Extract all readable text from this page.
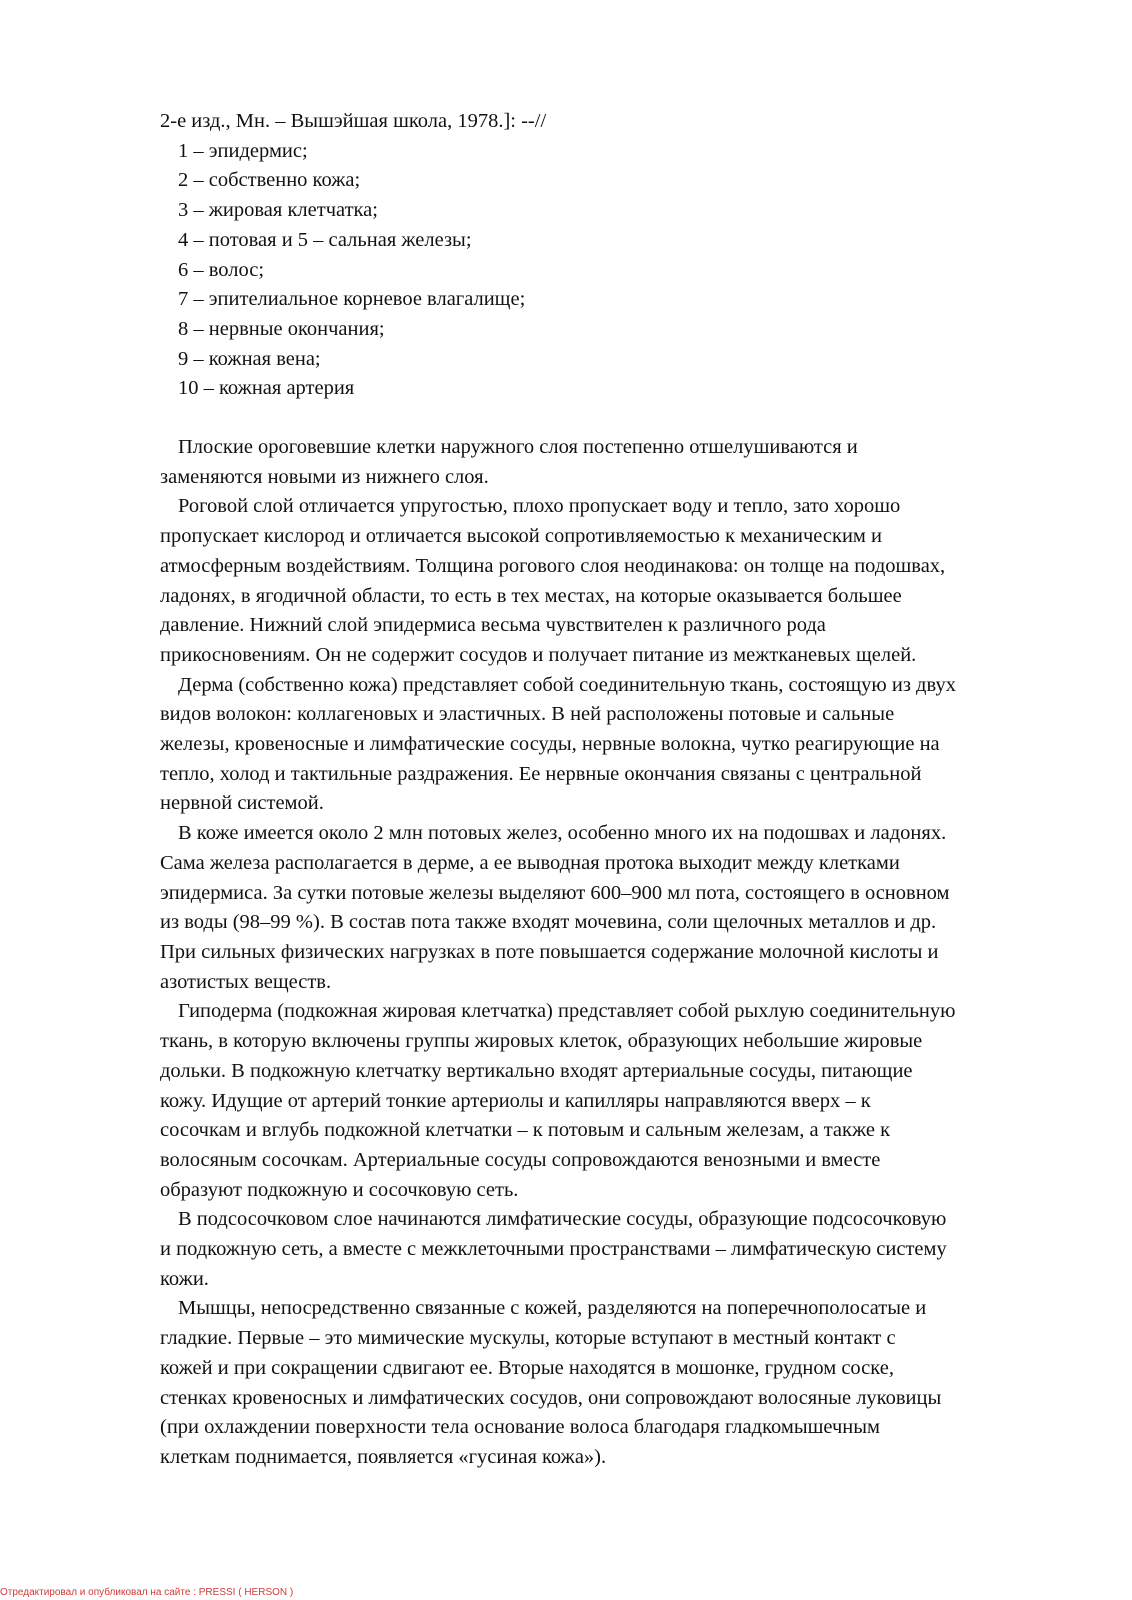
2-е изд., Мн. – Вышэйшая школа, 1978.]: --//
1 – эпидермис;
2 – собственно кожа;
3 – жировая клетчатка;
4 – потовая и 5 – сальная железы;
6 – волос;
7 – эпителиальное корневое влагалище;
8 – нервные окончания;
9 – кожная вена;
10 – кожная артерия
Плоские ороговевшие клетки наружного слоя постепенно отшелушиваются и
заменяются новыми из нижнего слоя.
Роговой слой отличается упругостью, плохо пропускает воду и тепло, зато хорошо
пропускает кислород и отличается высокой сопротивляемостью к механическим и
атмосферным воздействиям. Толщина рогового слоя неодинакова: он толще на подошвах,
ладонях, в ягодичной области, то есть в тех местах, на которые оказывается большее
давление. Нижний слой эпидермиса весьма чувствителен к различного рода
прикосновениям. Он не содержит сосудов и получает питание из межтканевых щелей.
Дерма (собственно кожа) представляет собой соединительную ткань, состоящую из двух
видов волокон: коллагеновых и эластичных. В ней расположены потовые и сальные
железы, кровеносные и лимфатические сосуды, нервные волокна, чутко реагирующие на
тепло, холод и тактильные раздражения. Ее нервные окончания связаны с центральной
нервной системой.
В коже имеется около 2 млн потовых желез, особенно много их на подошвах и ладонях.
Сама железа располагается в дерме, а ее выводная протока выходит между клетками
эпидермиса. За сутки потовые железы выделяют 600–900 мл пота, состоящего в основном
из воды (98–99 %). В состав пота также входят мочевина, соли щелочных металлов и др.
При сильных физических нагрузках в поте повышается содержание молочной кислоты и
азотистых веществ.
Гиподерма (подкожная жировая клетчатка) представляет собой рыхлую соединительную
ткань, в которую включены группы жировых клеток, образующих небольшие жировые
дольки. В подкожную клетчатку вертикально входят артериальные сосуды, питающие
кожу. Идущие от артерий тонкие артериолы и капилляры направляются вверх – к
сосочкам и вглубь подкожной клетчатки – к потовым и сальным железам, а также к
волосяным сосочкам. Артериальные сосуды сопровождаются венозными и вместе
образуют подкожную и сосочковую сеть.
В подсосочковом слое начинаются лимфатические сосуды, образующие подсосочковую
и подкожную сеть, а вместе с межклеточными пространствами – лимфатическую систему
кожи.
Мышцы, непосредственно связанные с кожей, разделяются на поперечнополосатые и
гладкие. Первые – это мимические мускулы, которые вступают в местный контакт с
кожей и при сокращении сдвигают ее. Вторые находятся в мошонке, грудном соске,
стенках кровеносных и лимфатических сосудов, они сопровождают волосяные луковицы
(при охлаждении поверхности тела основание волоса благодаря гладкомышечным
клеткам поднимается, появляется «гусиная кожа»).
Отредактировал и опубликовал на сайте : PRESSI ( HERSON )
